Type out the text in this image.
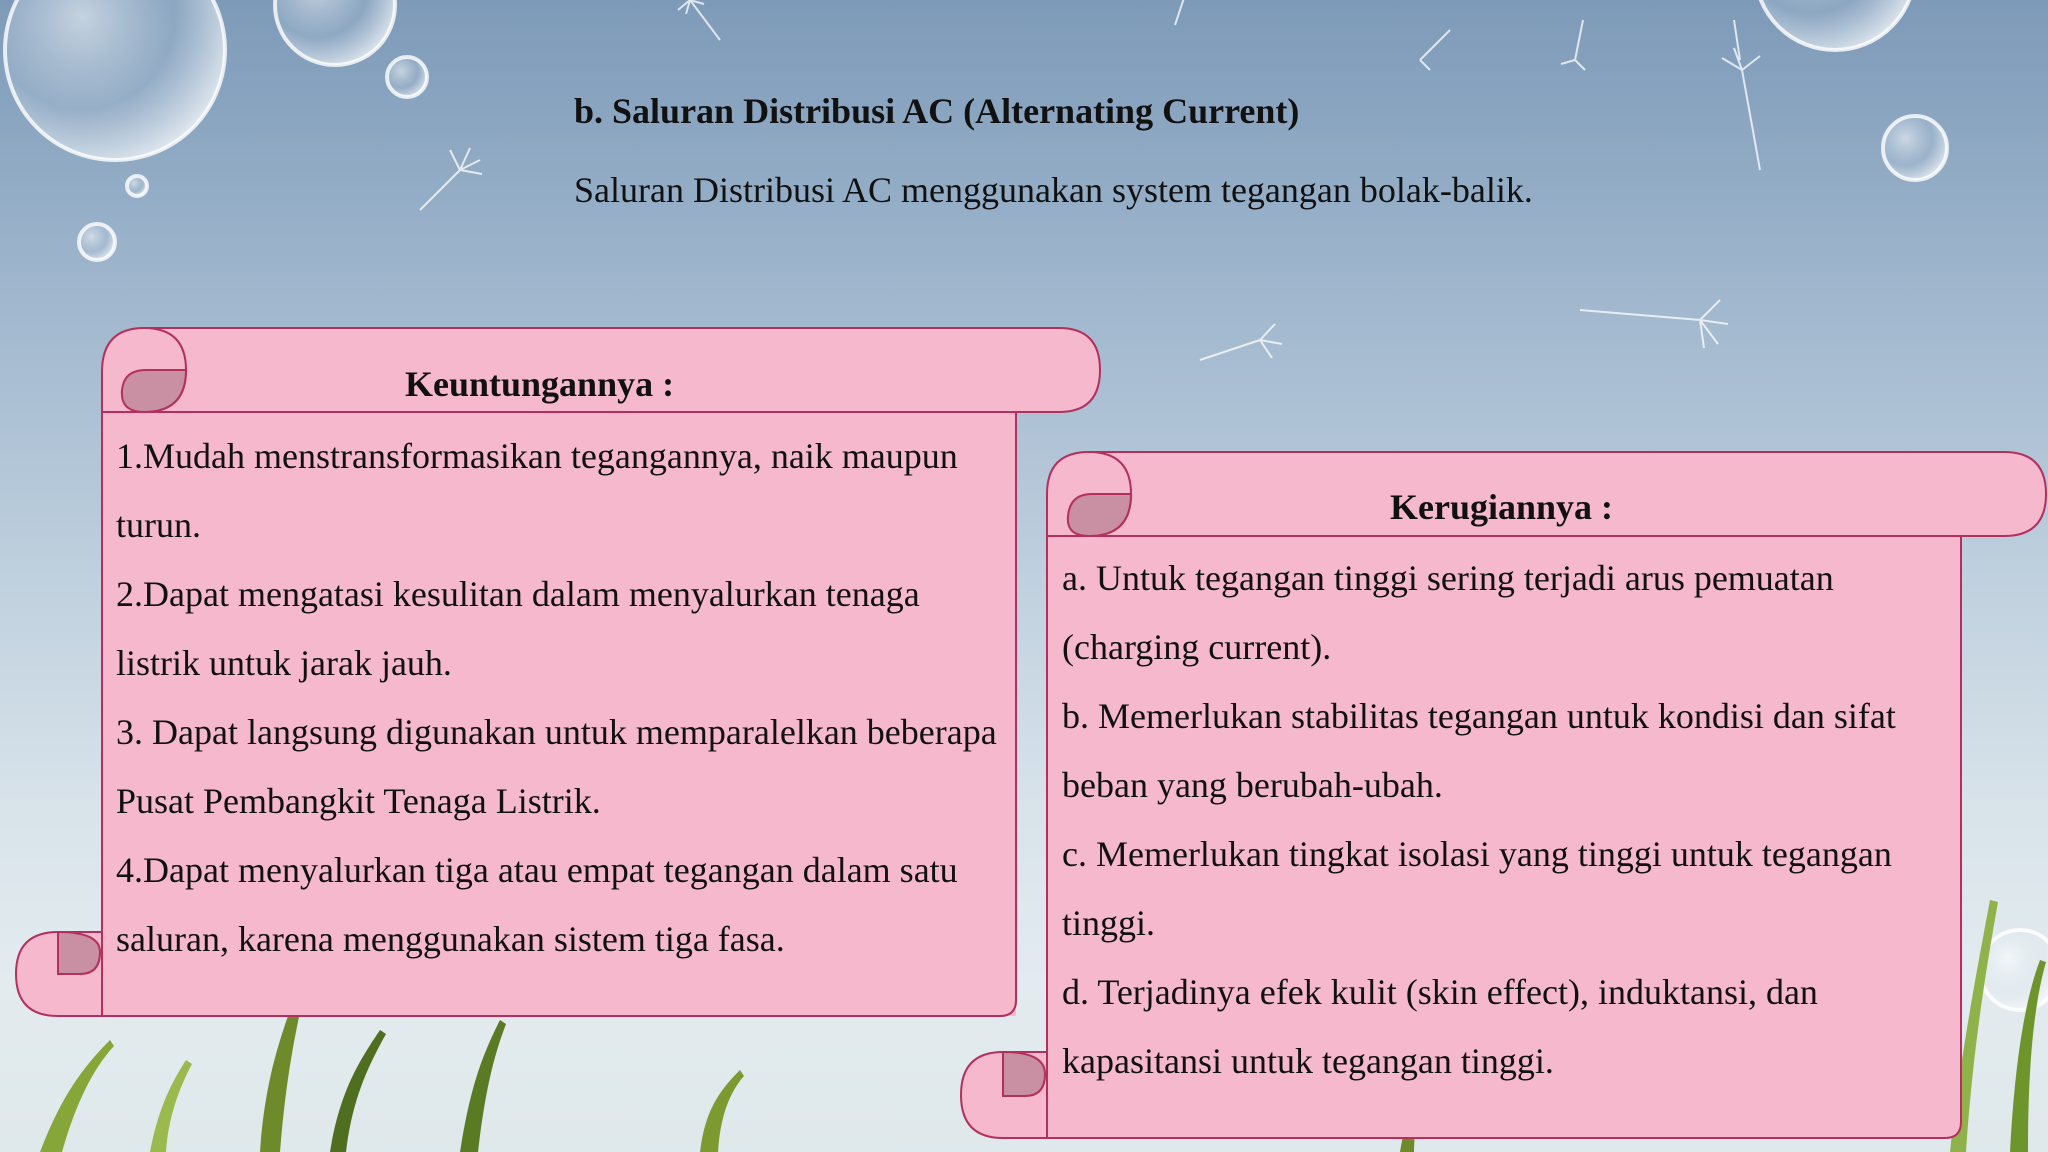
b. Saluran Distribusi AC (Alternating Current)
Saluran Distribusi AC menggunakan system tegangan bolak-balik.
Keuntungannya :
1.Mudah menstransformasikan tegangannya, naik maupun turun.
2.Dapat mengatasi kesulitan dalam menyalurkan tenaga listrik untuk jarak jauh.
3. Dapat langsung digunakan untuk memparalelkan beberapa Pusat Pembangkit Tenaga Listrik.
4.Dapat menyalurkan tiga atau empat tegangan dalam satu saluran, karena menggunakan sistem tiga fasa.
Kerugiannya :
a. Untuk tegangan tinggi sering terjadi arus pemuatan (charging current).
b. Memerlukan stabilitas tegangan untuk kondisi dan sifat beban yang berubah-ubah.
c. Memerlukan tingkat isolasi yang tinggi untuk tegangan tinggi.
d. Terjadinya efek kulit (skin effect), induktansi, dan kapasitansi untuk tegangan tinggi.
